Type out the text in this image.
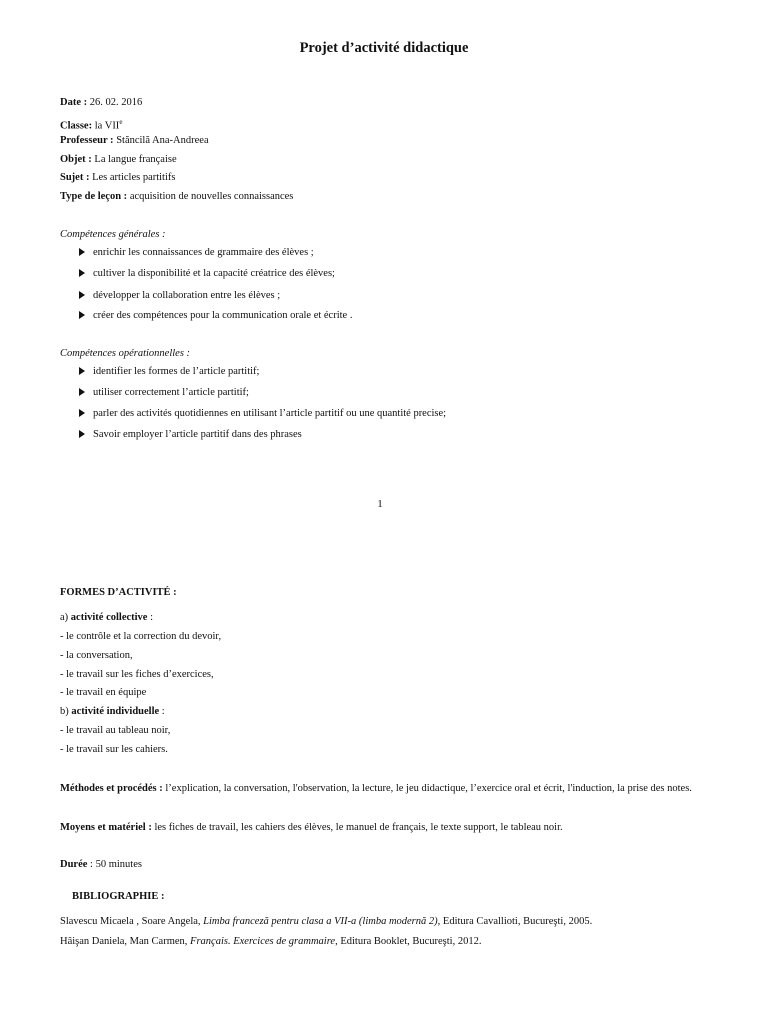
Projet d’activité didactique
Date : 26. 02. 2016
Classe: la VIIe
Professeur : Stăncilă Ana-Andreea
Objet : La langue française
Sujet : Les articles partitifs
Type de leçon : acquisition de nouvelles connaissances
Compétences générales :
enrichir les connaissances de grammaire des élèves ;
cultiver la disponibilité et la capacité créatrice des élèves;
développer la collaboration entre les élèves ;
créer des compétences pour la communication orale et écrite .
Compétences opérationnelles :
identifier les formes de l’article partitif;
utiliser correctement l’article partitif;
parler des activités quotidiennes en utilisant l’article partitif ou une quantité precise;
Savoir employer l’article partitif dans des phrases
1
FORMES D’ACTIVITÉ :
a) activité collective :
- le contrôle et la correction du devoir,
- la conversation,
- le travail sur les fiches d’exercices,
- le travail en équipe
b) activité individuelle :
- le travail au tableau noir,
- le travail sur les cahiers.
Méthodes et procédés : l’explication, la conversation, l'observation, la lecture, le jeu didactique, l’exercice oral et écrit, l'induction, la prise des notes.
Moyens et matériel : les fiches de travail, les cahiers des élèves, le manuel de français, le texte support, le tableau noir.
Durée : 50 minutes
BIBLIOGRAPHIE :
Slavescu Micaela , Soare Angela, Limba franceză pentru clasa a VII-a (limba modernă 2), Editura Cavallioti, Bucureşti, 2005.
Hâişan Daniela, Man Carmen, Français. Exercices de grammaire, Editura Booklet, Bucureşti, 2012.
